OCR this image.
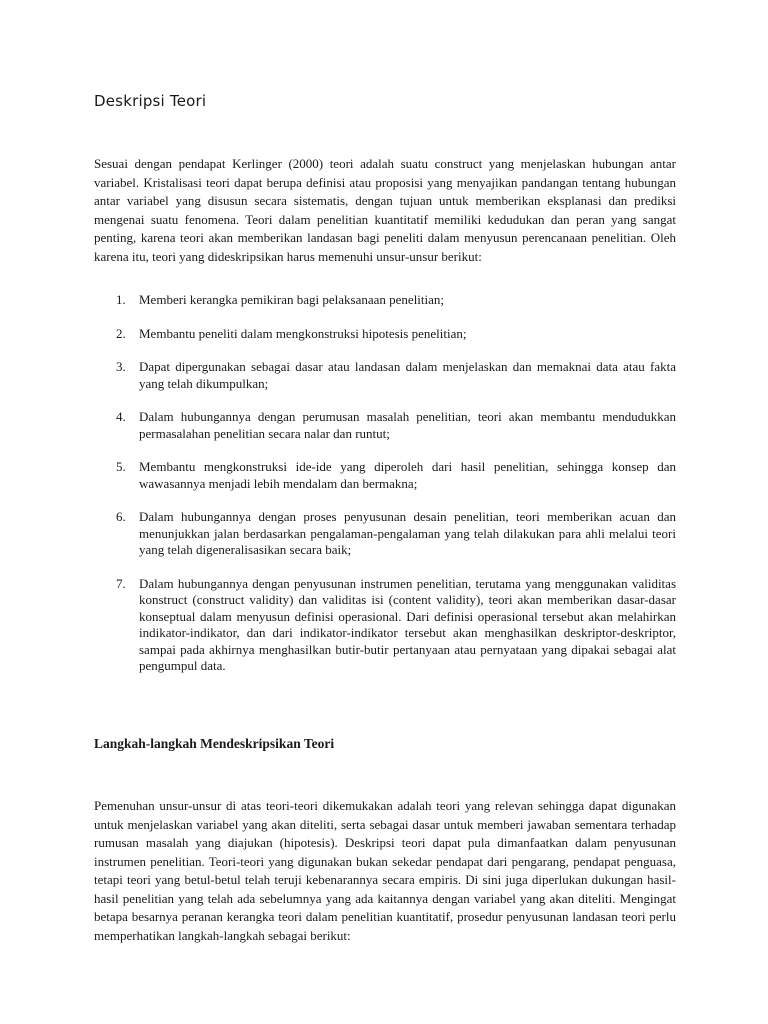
Deskripsi Teori

Sesuai dengan pendapat Kerlinger (2000) teori adalah suatu construct yang menjelaskan hubungan antar variabel. Kristalisasi teori dapat berupa definisi atau proposisi yang menyajikan pandangan tentang hubungan antar variabel yang disusun secara sistematis, dengan tujuan untuk memberikan eksplanasi dan prediksi mengenai suatu fenomena. Teori dalam penelitian kuantitatif memiliki kedudukan dan peran yang sangat penting, karena teori akan memberikan landasan bagi peneliti dalam menyusun perencanaan penelitian. Oleh karena itu, teori yang dideskripsikan harus memenuhi unsur-unsur berikut:

1.	Memberi kerangka pemikiran bagi pelaksanaan penelitian;
2.	Membantu peneliti dalam mengkonstruksi hipotesis penelitian;
3.	Dapat dipergunakan sebagai dasar atau landasan dalam menjelaskan dan memaknai data atau fakta yang telah dikumpulkan;
4.	Dalam hubungannya dengan perumusan masalah penelitian, teori akan membantu mendudukkan permasalahan penelitian secara nalar dan runtut;
5.	Membantu mengkonstruksi ide-ide yang diperoleh dari hasil penelitian, sehingga konsep dan wawasannya menjadi lebih mendalam dan bermakna;
6.	Dalam hubungannya dengan proses penyusunan desain penelitian, teori memberikan acuan dan menunjukkan jalan berdasarkan pengalaman-pengalaman yang telah dilakukan para ahli melalui teori yang telah digeneralisasikan secara baik;
7.	Dalam hubungannya dengan penyusunan instrumen penelitian, terutama yang menggunakan validitas konstruct (construct validity) dan validitas isi (content validity), teori akan memberikan dasar-dasar konseptual dalam menyusun definisi operasional. Dari definisi operasional tersebut akan melahirkan indikator-indikator, dan dari indikator-indikator tersebut akan menghasilkan deskriptor-deskriptor, sampai pada akhirnya menghasilkan butir-butir pertanyaan atau pernyataan yang dipakai sebagai alat pengumpul data.
Langkah-langkah Mendeskripsikan Teori

Pemenuhan unsur-unsur di atas teori-teori dikemukakan adalah teori yang relevan sehingga dapat digunakan untuk menjelaskan variabel yang akan diteliti, serta sebagai dasar untuk memberi jawaban sementara terhadap rumusan masalah yang diajukan (hipotesis). Deskripsi teori dapat pula dimanfaatkan dalam penyusunan instrumen penelitian. Teori-teori yang digunakan bukan sekedar pendapat dari pengarang, pendapat penguasa, tetapi teori yang betul-betul telah teruji kebenarannya secara empiris. Di sini juga diperlukan dukungan hasil-hasil penelitian yang telah ada sebelumnya yang ada kaitannya dengan variabel yang akan diteliti. Mengingat betapa besarnya peranan kerangka teori dalam penelitian kuantitatif, prosedur penyusunan landasan teori perlu memperhatikan langkah-langkah sebagai berikut:
